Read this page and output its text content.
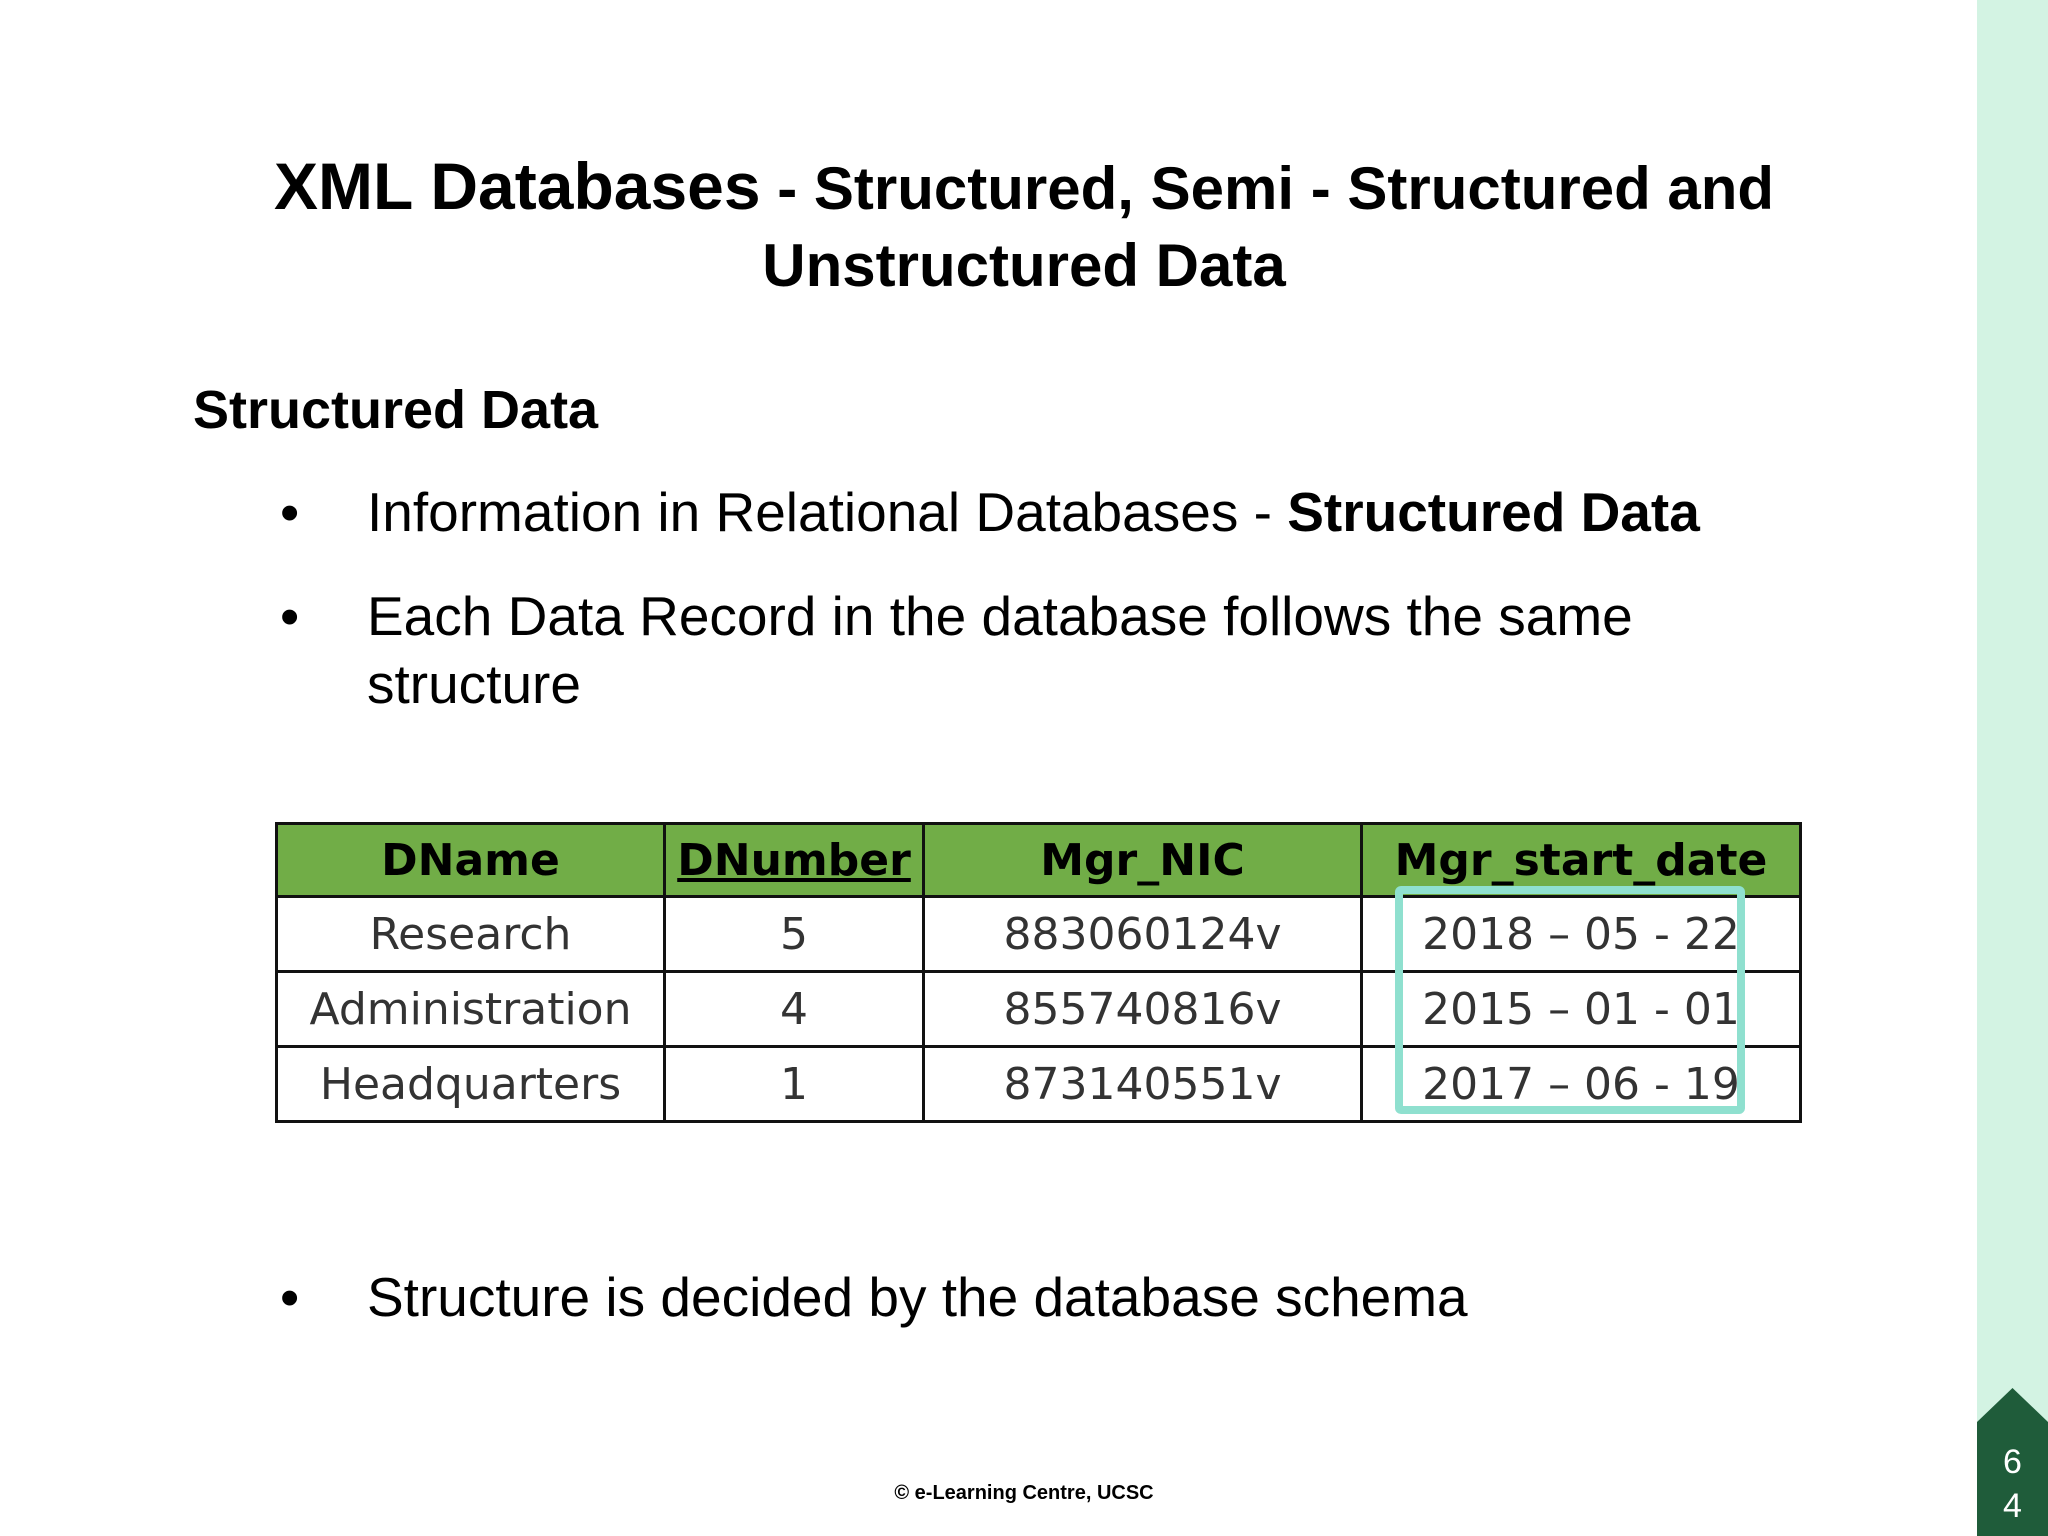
XML Databases - Structured, Semi - Structured and
Unstructured Data
Structured Data
•	Information in Relational Databases - Structured Data
•	Each Data Record in the database follows the same structure
DName	DNumber	Mgr_NIC	Mgr_start_date
Research	5	883060124v	2018 – 05 - 22
Administration	4	855740816v	2015 – 01 - 01
Headquarters	1	873140551v	2017 – 06 - 19
•	Structure is decided by the database schema
© e-Learning Centre, UCSC
6
4
